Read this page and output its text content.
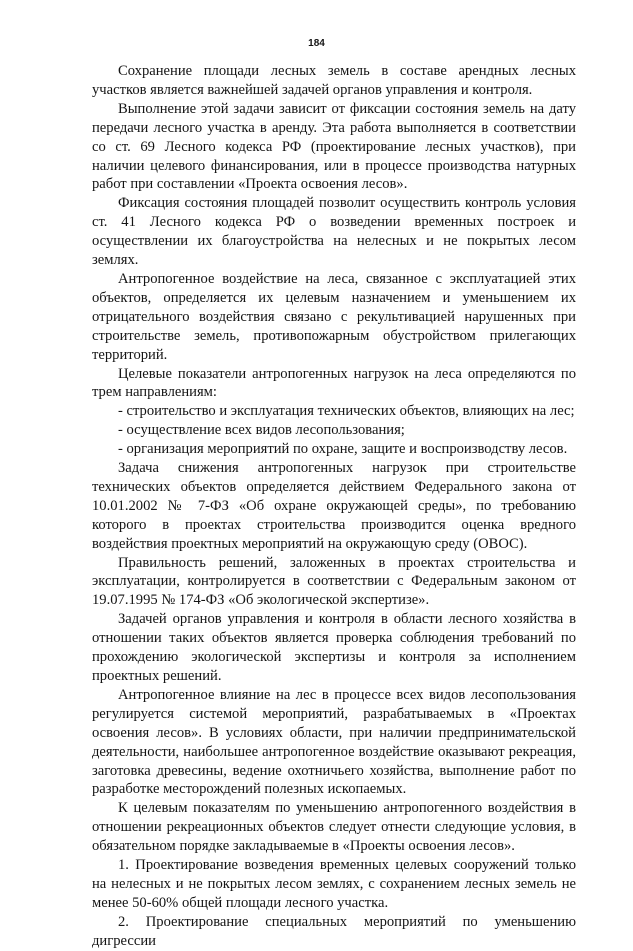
184

Сохранение площади лесных земель в составе арендных лесных участков является важнейшей задачей органов управления и контроля.

Выполнение этой задачи зависит от фиксации состояния земель на дату передачи лесного участка в аренду. Эта работа выполняется в соответствии со ст. 69 Лесного кодекса РФ (проектирование лесных участков), при наличии целевого финансирования, или в процессе производства натурных работ при составлении «Проекта освоения лесов».

Фиксация состояния площадей позволит осуществить контроль условия ст. 41 Лесного кодекса РФ о возведении временных построек и осуществлении их благоустройства на нелесных и не покрытых лесом землях.

Антропогенное воздействие на леса, связанное с эксплуатацией этих объектов, определяется их целевым назначением и уменьшением их отрицательного воздействия связано с рекультивацией нарушенных при строительстве земель, противопожарным обустройством прилегающих территорий.

Целевые показатели антропогенных нагрузок на леса определяются по трем направлениям:

- строительство и эксплуатация технических объектов, влияющих на лес;

- осуществление всех видов лесопользования;

- организация мероприятий по охране, защите и воспроизводству лесов.

Задача снижения антропогенных нагрузок при строительстве технических объектов определяется действием Федерального закона от 10.01.2002 № 7-ФЗ «Об охране окружающей среды», по требованию которого в проектах строительства производится оценка вредного воздействия проектных мероприятий на окружающую среду (ОВОС).

Правильность решений, заложенных в проектах строительства и эксплуатации, контролируется в соответствии с Федеральным законом от 19.07.1995 № 174-ФЗ «Об экологической экспертизе».

Задачей органов управления и контроля в области лесного хозяйства в отношении таких объектов является проверка соблюдения требований по прохождению экологической экспертизы и контроля за исполнением проектных решений.

Антропогенное влияние на лес в процессе всех видов лесопользования регулируется системой мероприятий, разрабатываемых в «Проектах освоения лесов». В условиях области, при наличии предпринимательской деятельности, наибольшее антропогенное воздействие оказывают рекреация, заготовка древесины, ведение охотничьего хозяйства, выполнение работ по разработке месторождений полезных ископаемых.

К целевым показателям по уменьшению антропогенного воздействия в отношении рекреационных объектов следует отнести следующие условия, в обязательном порядке закладываемые в «Проекты освоения лесов».

1. Проектирование возведения временных целевых сооружений только на нелесных и не покрытых лесом землях, с сохранением лесных земель не менее 50-60% общей площади лесного участка.

2. Проектирование специальных мероприятий по уменьшению дигрессии
